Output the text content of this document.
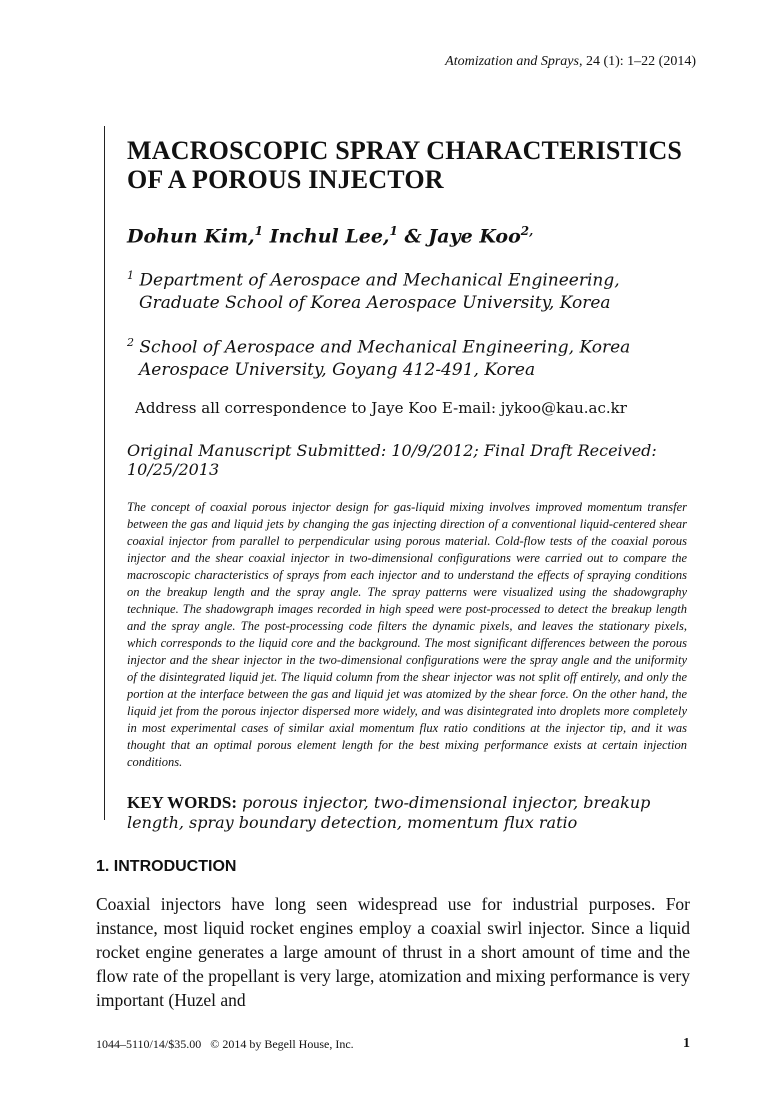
Atomization and Sprays, 24 (1): 1–22 (2014)
MACROSCOPIC SPRAY CHARACTERISTICS
OF A POROUS INJECTOR
Dohun Kim,$^1$ Inchul Lee,$^1$ & Jaye Koo$^{2,}$
$^1$ Department of Aerospace and Mechanical Engineering, Graduate School of Korea Aerospace University, Korea
$^2$ School of Aerospace and Mechanical Engineering, Korea Aerospace University, Goyang 412-491, Korea
Address all correspondence to Jaye Koo E-mail: jykoo@kau.ac.kr
Original Manuscript Submitted: 10/9/2012; Final Draft Received: 10/25/2013

The concept of coaxial porous injector design for gas-liquid mixing involves improved momentum transfer between the gas and liquid jets by changing the gas injecting direction of a conventional liquid-centered shear coaxial injector from parallel to perpendicular using porous material. Cold-flow tests of the coaxial porous injector and the shear coaxial injector in two-dimensional configurations were carried out to compare the macroscopic characteristics of sprays from each injector and to understand the effects of spraying conditions on the breakup length and the spray angle. The spray patterns were visualized using the shadowgraphy technique. The shadowgraph images recorded in high speed were post-processed to detect the breakup length and the spray angle. The post-processing code filters the dynamic pixels, and leaves the stationary pixels, which corresponds to the liquid core and the background. The most significant differences between the porous injector and the shear injector in the two-dimensional configurations were the spray angle and the uniformity of the disintegrated liquid jet. The liquid column from the shear injector was not split off entirely, and only the portion at the interface between the gas and liquid jet was atomized by the shear force. On the other hand, the liquid jet from the porous injector dispersed more widely, and was disintegrated into droplets more completely in most experimental cases of similar axial momentum flux ratio conditions at the injector tip, and it was thought that an optimal porous element length for the best mixing performance exists at certain injection conditions.

KEY WORDS: porous injector, two-dimensional injector, breakup length, spray boundary detection, momentum flux ratio
1. INTRODUCTION

Coaxial injectors have long seen widespread use for industrial purposes. For instance, most liquid rocket engines employ a coaxial swirl injector. Since a liquid rocket engine generates a large amount of thrust in a short amount of time and the flow rate of the propellant is very large, atomization and mixing performance is very important (Huzel and

1044–5110/14/$35.00 © 2014 by Begell House, Inc.	1
